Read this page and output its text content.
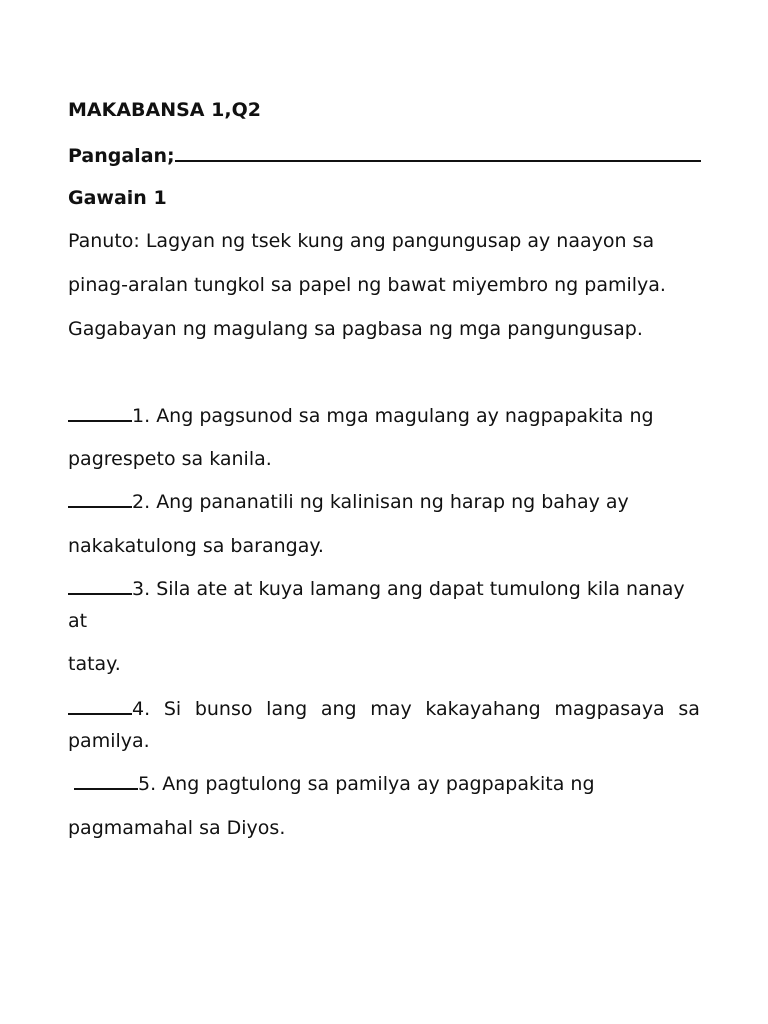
MAKABANSA 1,Q2
Pangalan;
Gawain 1
Panuto: Lagyan ng tsek kung ang pangungusap ay naayon sa
pinag-aralan tungkol sa papel ng bawat miyembro ng pamilya.
Gagabayan ng magulang sa pagbasa ng mga pangungusap.
1. Ang pagsunod sa mga magulang ay nagpapakita ng
pagrespeto sa kanila.
2. Ang pananatili ng kalinisan ng harap ng bahay ay
nakakatulong sa barangay.
3. Sila ate at kuya lamang ang dapat tumulong kila nanay
at
tatay.
4. Si bunso lang ang may kakayahang magpasaya sa
pamilya.
5. Ang pagtulong sa pamilya ay pagpapakita ng
pagmamahal sa Diyos.
